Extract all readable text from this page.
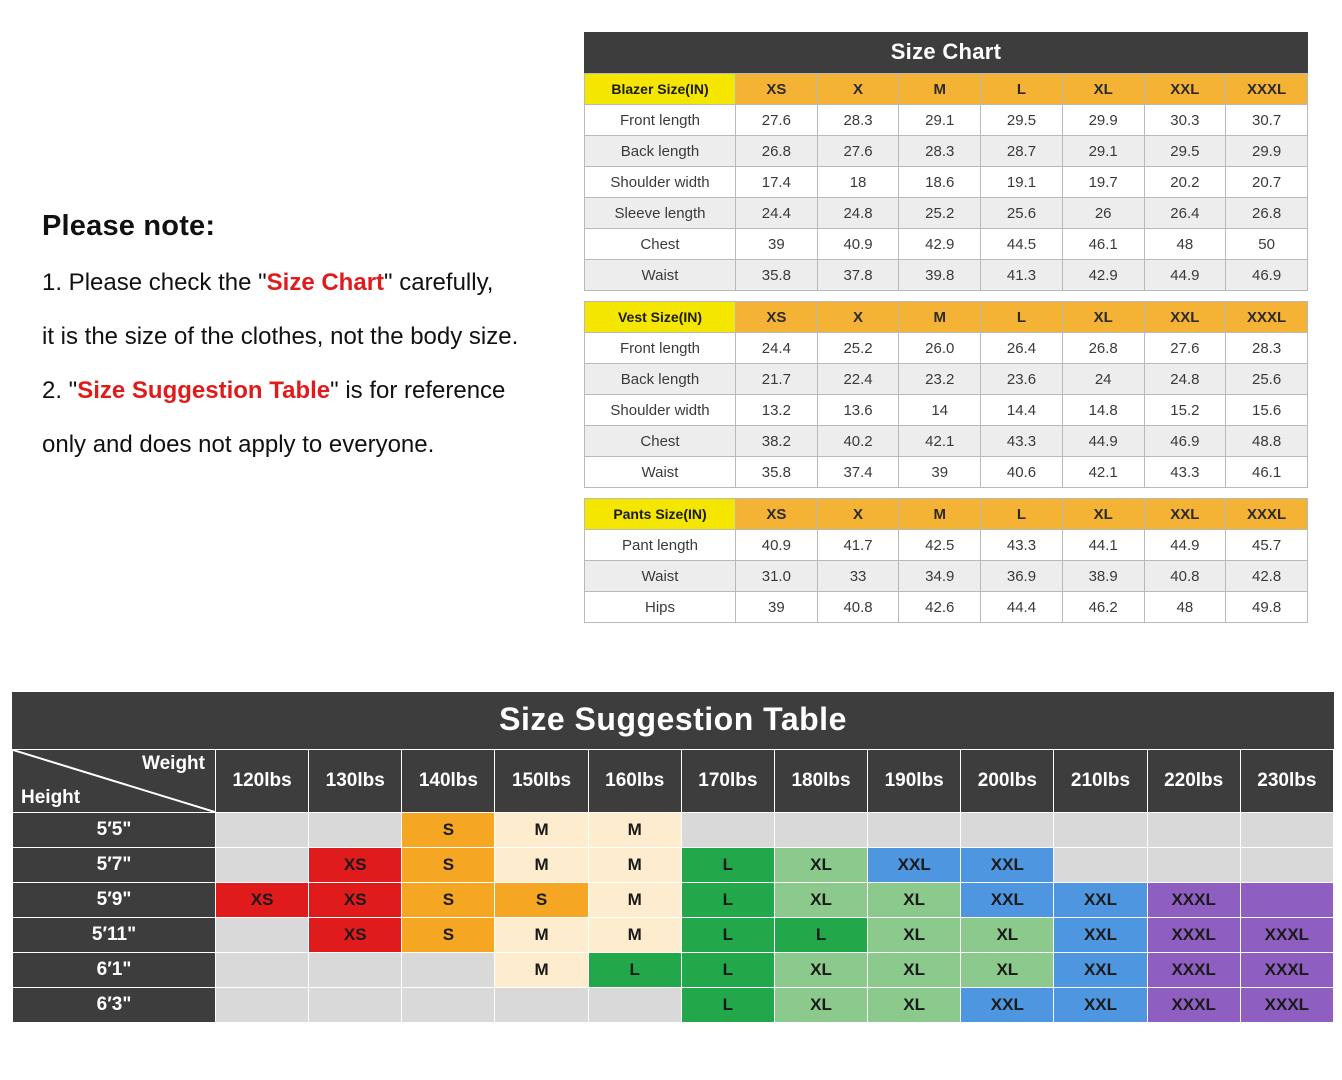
Please note:
1. Please check the "Size Chart" carefully,
it is the size of the clothes, not the body size.
2. "Size Suggestion Table" is for reference
only and does not apply to everyone.
Size Chart
Blazer Size(IN)	XS	X	M	L	XL	XXL	XXXL
Front length	27.6	28.3	29.1	29.5	29.9	30.3	30.7
Back length	26.8	27.6	28.3	28.7	29.1	29.5	29.9
Shoulder width	17.4	18	18.6	19.1	19.7	20.2	20.7
Sleeve length	24.4	24.8	25.2	25.6	26	26.4	26.8
Chest	39	40.9	42.9	44.5	46.1	48	50
Waist	35.8	37.8	39.8	41.3	42.9	44.9	46.9
Vest Size(IN)	XS	X	M	L	XL	XXL	XXXL
Front length	24.4	25.2	26.0	26.4	26.8	27.6	28.3
Back length	21.7	22.4	23.2	23.6	24	24.8	25.6
Shoulder width	13.2	13.6	14	14.4	14.8	15.2	15.6
Chest	38.2	40.2	42.1	43.3	44.9	46.9	48.8
Waist	35.8	37.4	39	40.6	42.1	43.3	46.1
Pants Size(IN)	XS	X	M	L	XL	XXL	XXXL
Pant length	40.9	41.7	42.5	43.3	44.1	44.9	45.7
Waist	31.0	33	34.9	36.9	38.9	40.8	42.8
Hips	39	40.8	42.6	44.4	46.2	48	49.8
Size Suggestion Table
Weight
Height	120lbs	130lbs	140lbs	150lbs	160lbs	170lbs	180lbs	190lbs	200lbs	210lbs	220lbs	230lbs
5′5"			S	M	M							
5′7"		XS	S	M	M	L	XL	XXL	XXL			
5′9"	XS	XS	S	S	M	L	XL	XL	XXL	XXL	XXXL	
5′11"		XS	S	M	M	L	L	XL	XL	XXL	XXXL	XXXL
6′1"				M	L	L	XL	XL	XL	XXL	XXXL	XXXL
6′3"						L	XL	XL	XXL	XXL	XXXL	XXXL
